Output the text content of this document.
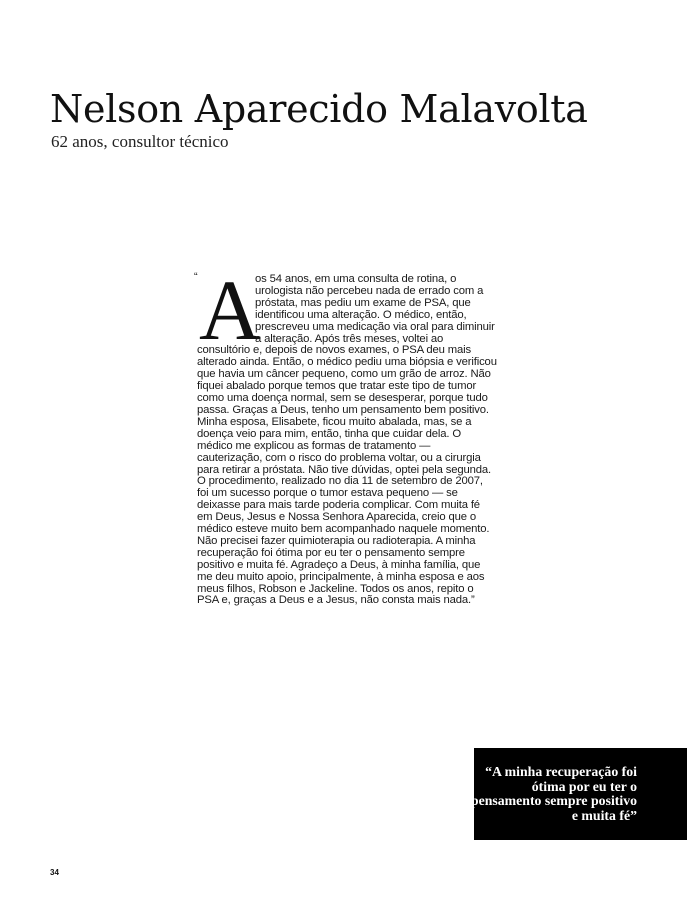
Nelson Aparecido Malavolta

62 anos, consultor técnico

“ A

os 54 anos, em uma consulta de rotina, o urologista não percebeu nada de errado com a próstata, mas pediu um exame de PSA, que identificou uma alteração. O médico, então, prescreveu uma medicação via oral para diminuir a alteração. Após três meses, voltei ao consultório e, depois de novos exames, o PSA deu mais alterado ainda. Então, o médico pediu uma biópsia e verificou que havia um câncer pequeno, como um grão de arroz. Não fiquei abalado porque temos que tratar este tipo de tumor como uma doença normal, sem se desesperar, porque tudo passa. Graças a Deus, tenho um pensamento bem positivo. Minha esposa, Elisabete, ficou muito abalada, mas, se a doença veio para mim, então, tinha que cuidar dela. O médico me explicou as formas de tratamento — cauterização, com o risco do problema voltar, ou a cirurgia para retirar a próstata. Não tive dúvidas, optei pela segunda. O procedimento, realizado no dia 11 de setembro de 2007, foi um sucesso porque o tumor estava pequeno — se deixasse para mais tarde poderia complicar. Com muita fé em Deus, Jesus e Nossa Senhora Aparecida, creio que o médico esteve muito bem acompanhado naquele momento. Não precisei fazer quimioterapia ou radioterapia. A minha recuperação foi ótima por eu ter o pensamento sempre positivo e muita fé. Agradeço a Deus, à minha família, que me deu muito apoio, principalmente, à minha esposa e aos meus filhos, Robson e Jackeline. Todos os anos, repito o PSA e, graças a Deus e a Jesus, não consta mais nada.”

“A minha recuperação foi ótima por eu ter o pensamento sempre positivo e muita fé”

34
